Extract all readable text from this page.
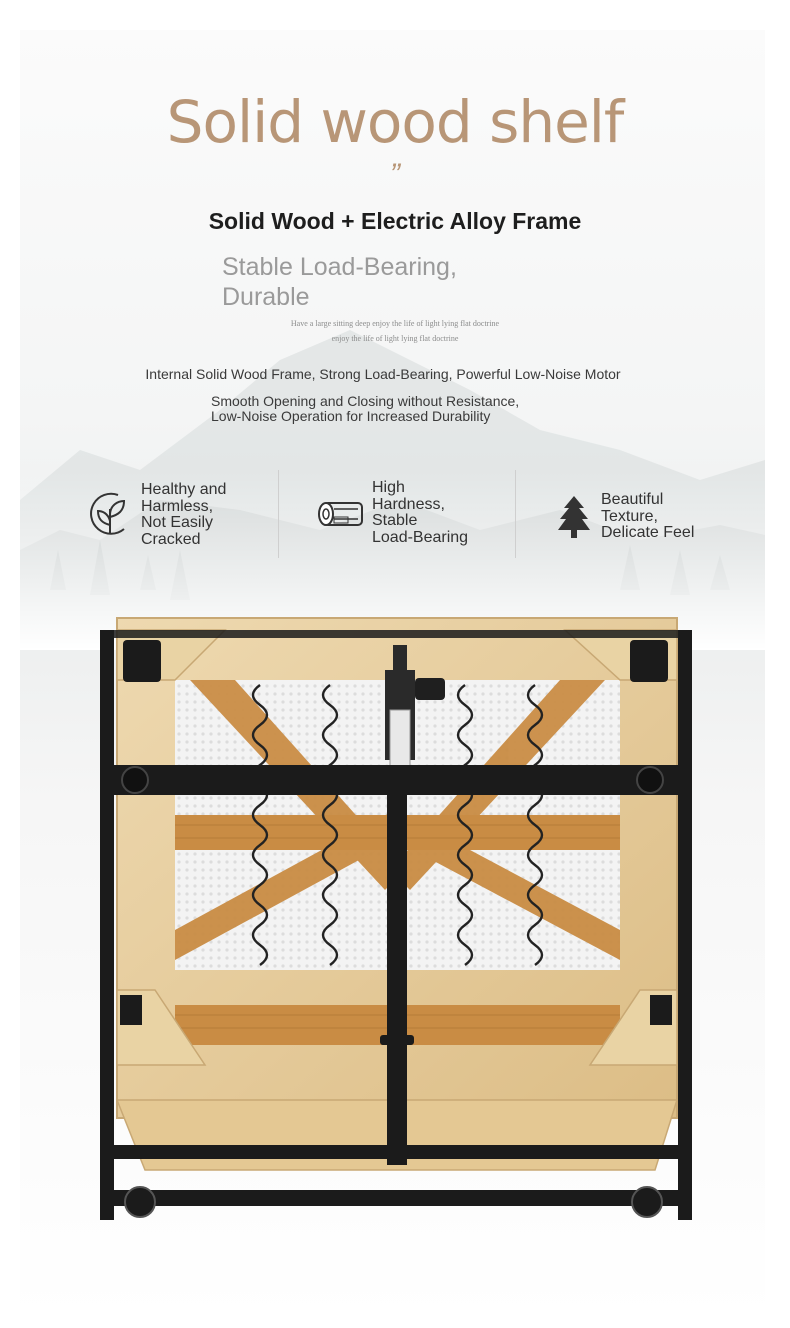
Solid wood shelf
”
Solid Wood + Electric Alloy Frame
Stable Load-Bearing,
Durable
Have a large sitting deep enjoy the life of light lying flat doctrine
enjoy the life of light lying flat doctrine
Internal Solid Wood Frame, Strong Load-Bearing, Powerful Low-Noise Motor
Smooth Opening and Closing without Resistance,
Low-Noise Operation for Increased Durability
Healthy and
Harmless,
Not Easily
Cracked
High
Hardness,
Stable
Load-Bearing
Beautiful
Texture,
Delicate Feel
